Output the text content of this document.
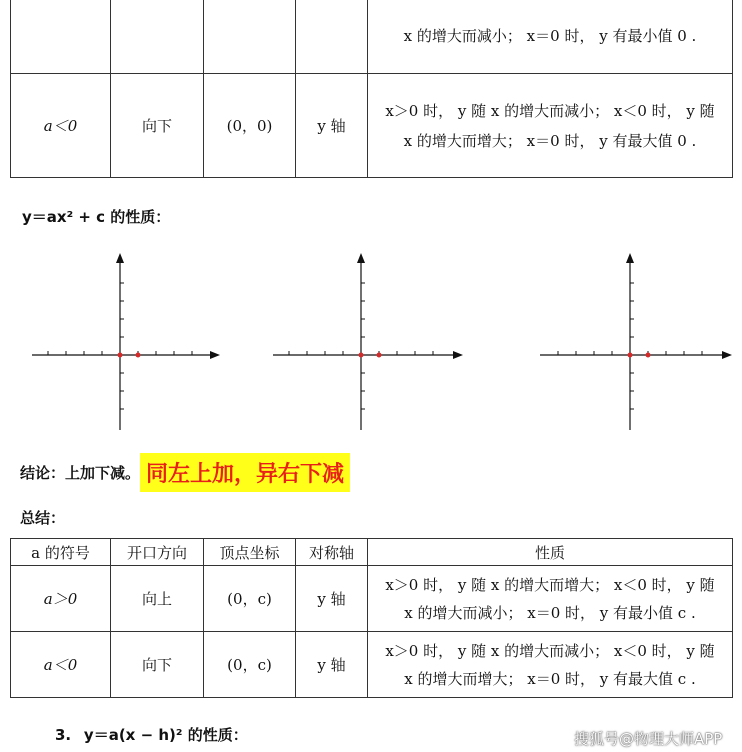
				x 的增大而减小； x＝0 时， y 有最小值 0 .

a＜0	向下	(0，0)	y 轴	x＞0 时， y 随 x 的增大而减小； x＜0 时， y 随
x 的增大而增大； x＝0 时， y 有最大值 0 .
y＝ax² + c 的性质：
结论：上加下减。 同左上加，异右下减
总结：
a 的符号	开口方向	顶点坐标	对称轴	性质
a＞0	向上	(0，c)	y 轴	x＞0 时， y 随 x 的增大而增大； x＜0 时， y 随
x 的增大而减小； x＝0 时， y 有最小值 c .

a＜0	向下	(0，c)	y 轴	x＞0 时， y 随 x 的增大而减小； x＜0 时， y 随
x 的增大而增大； x＝0 时， y 有最大值 c .
3. y＝a(x − h)² 的性质：	搜狐号@物理大师APP
